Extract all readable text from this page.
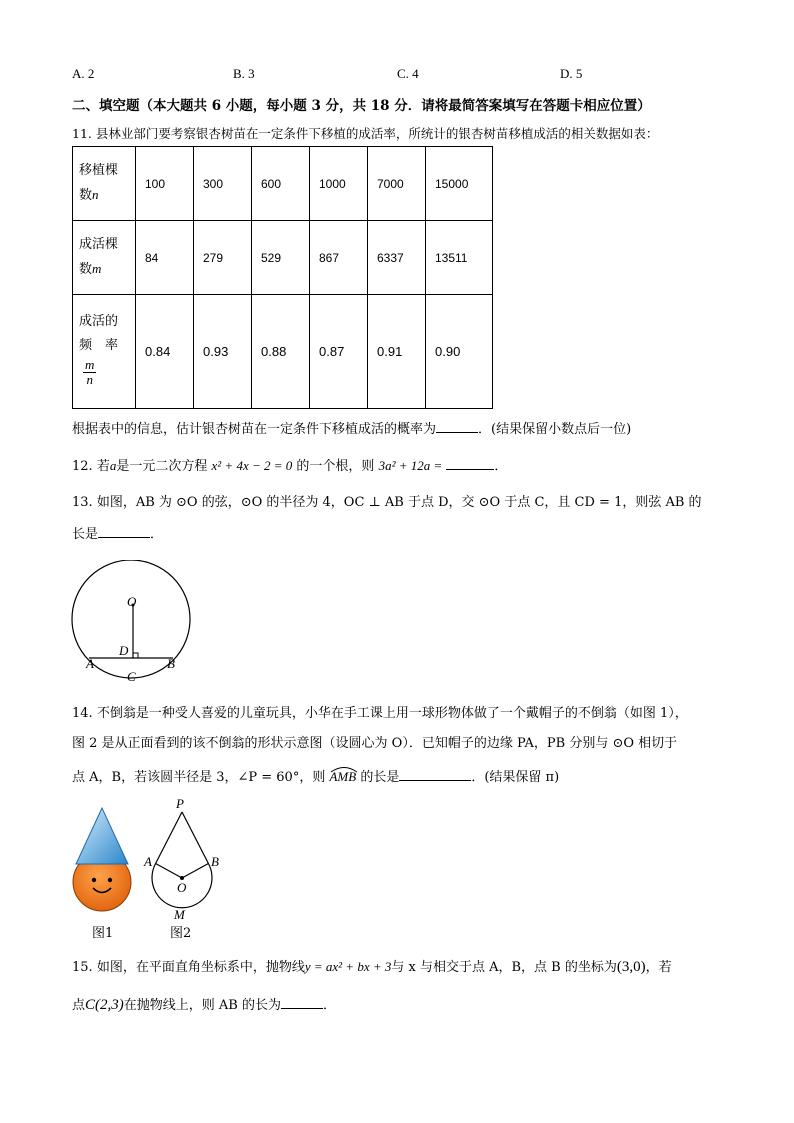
A. 2	B. 3	C. 4	D. 5
二、填空题（本大题共 6 小题，每小题 3 分，共 18 分．请将最简答案填写在答题卡相应位置）
11. 县林业部门要考察银杏树苗在一定条件下移植的成活率，所统计的银杏树苗移植成活的相关数据如表：
移植棵
数n	100	300	600	1000	7000	15000
成活棵
数m	84	279	529	867	6337	13511
成活的
频　率

$\frac{m}{n}$	0.84	0.93	0.88	0.87	0.91	0.90
根据表中的信息，估计银杏树苗在一定条件下移植成活的概率为	．(结果保留小数点后一位)
12. 若a是一元二次方程 x² + 4x − 2 = 0 的一个根，则 3a² + 12a =	．
13. 如图，AB 为 ⊙O 的弦，⊙O 的半径为 4，OC ⊥ AB 于点 D，交 ⊙O 于点 C，且 CD = 1，则弦 AB 的
长是	．
O
D
A	B
C
14. 不倒翁是一种受人喜爱的儿童玩具，小华在手工课上用一球形物体做了一个戴帽子的不倒翁（如图 1），
图 2 是从正面看到的该不倒翁的形状示意图（设圆心为 O）．已知帽子的边缘 PA，PB 分别与 ⊙O 相切于
点 A，B，若该圆半径是 3，∠P = 60°，则 AMB 的长是	．(结果保留 π)
图1
P
A	B
O
M
图2
15. 如图，在平面直角坐标系中，抛物线y = ax² + bx + 3与 x 与相交于点 A，B，点 B 的坐标为(3,0)，若
点C(2,3)在抛物线上，则 AB 的长为	．
